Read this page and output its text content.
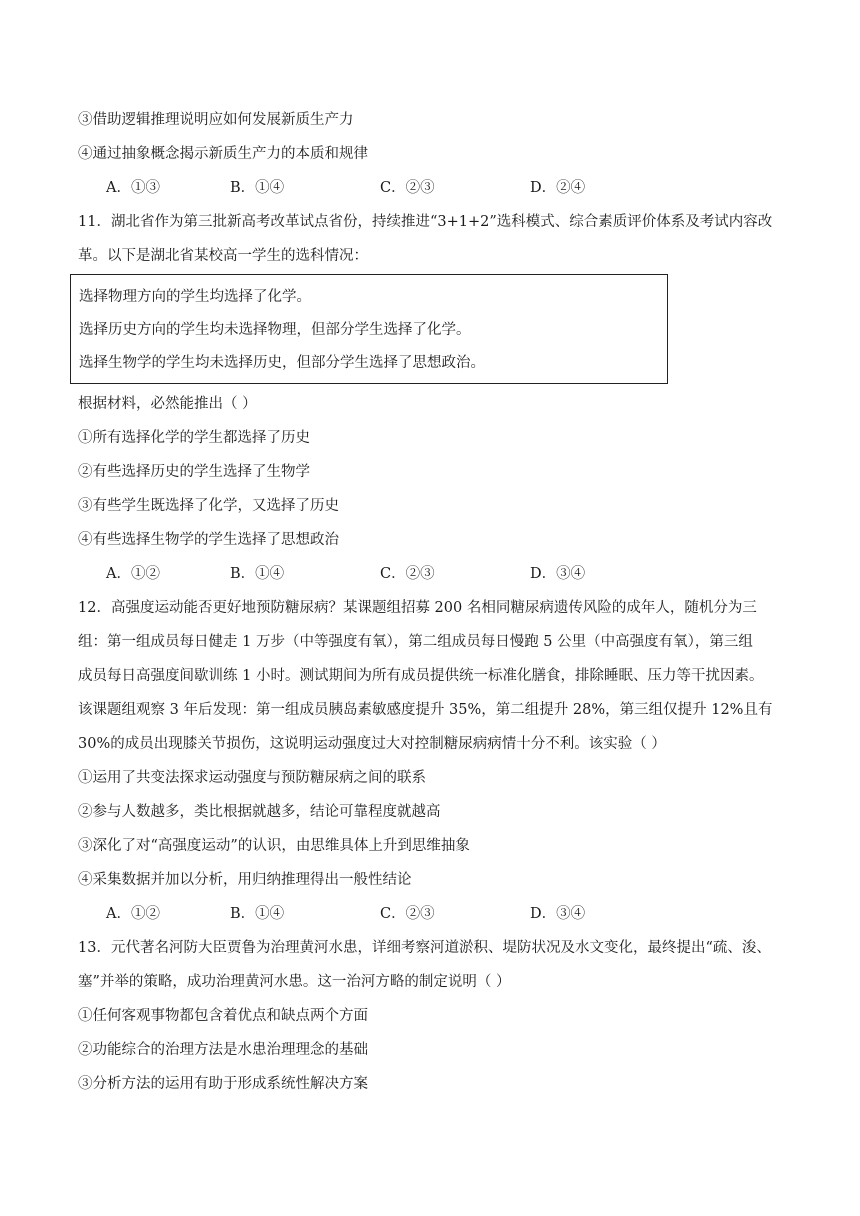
③借助逻辑推理说明应如何发展新质生产力
④通过抽象概念揭示新质生产力的本质和规律
A．①③	B．①④	C．②③	D．②④
11．湖北省作为第三批新高考改革试点省份，持续推进“3+1+2”选科模式、综合素质评价体系及考试内容改
革。以下是湖北省某校高一学生的选科情况：
选择物理方向的学生均选择了化学。
选择历史方向的学生均未选择物理，但部分学生选择了化学。
选择生物学的学生均未选择历史，但部分学生选择了思想政治。
根据材料，必然能推出（ ）
①所有选择化学的学生都选择了历史
②有些选择历史的学生选择了生物学
③有些学生既选择了化学，又选择了历史
④有些选择生物学的学生选择了思想政治
A．①②	B．①④	C．②③	D．③④
12．高强度运动能否更好地预防糖尿病？某课题组招募 200 名相同糖尿病遗传风险的成年人，随机分为三
组：第一组成员每日健走 1 万步（中等强度有氧），第二组成员每日慢跑 5 公里（中高强度有氧），第三组
成员每日高强度间歇训练 1 小时。测试期间为所有成员提供统一标准化膳食，排除睡眠、压力等干扰因素。
该课题组观察 3 年后发现：第一组成员胰岛素敏感度提升 35%，第二组提升 28%，第三组仅提升 12%且有
30%的成员出现膝关节损伤，这说明运动强度过大对控制糖尿病病情十分不利。该实验（ ）
①运用了共变法探求运动强度与预防糖尿病之间的联系
②参与人数越多，类比根据就越多，结论可靠程度就越高
③深化了对“高强度运动”的认识，由思维具体上升到思维抽象
④采集数据并加以分析，用归纳推理得出一般性结论
A．①②	B．①④	C．②③	D．③④
13．元代著名河防大臣贾鲁为治理黄河水患，详细考察河道淤积、堤防状况及水文变化，最终提出“疏、浚、
塞”并举的策略，成功治理黄河水患。这一治河方略的制定说明（ ）
①任何客观事物都包含着优点和缺点两个方面
②功能综合的治理方法是水患治理理念的基础
③分析方法的运用有助于形成系统性解决方案
